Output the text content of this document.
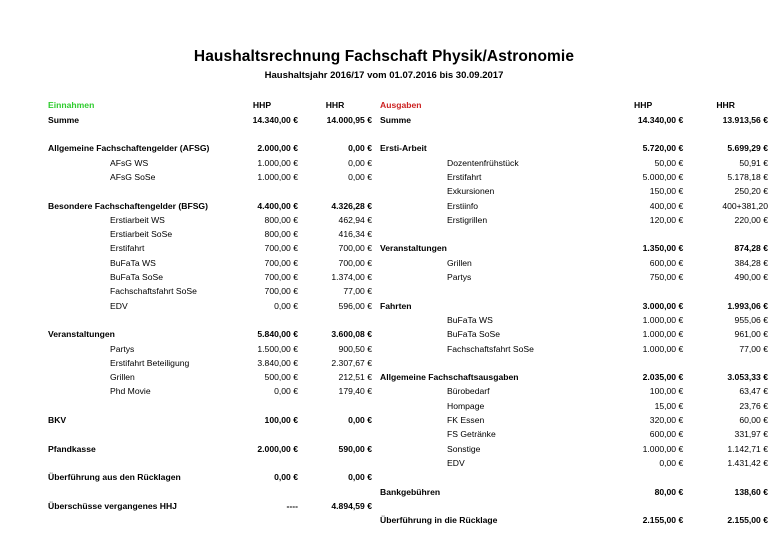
Haushaltsrechnung Fachschaft Physik/Astronomie

Haushaltsjahr 2016/17 vom 01.07.2016 bis 30.09.2017

Einnahmen	HHP	HHR
Summe	14.340,00 €	14.000,95 €

Allgemeine Fachschaftengelder (AFSG)	2.000,00 €	0,00 €
AFsG WS	1.000,00 €	0,00 €
AFsG SoSe	1.000,00 €	0,00 €

Besondere Fachschaftengelder (BFSG)	4.400,00 €	4.326,28 €
Erstiarbeit WS	800,00 €	462,94 €
Erstiarbeit SoSe	800,00 €	416,34 €
Erstifahrt	700,00 €	700,00 €
BuFaTa WS	700,00 €	700,00 €
BuFaTa SoSe	700,00 €	1.374,00 €
Fachschaftsfahrt SoSe	700,00 €	77,00 €
EDV	0,00 €	596,00 €

Veranstaltungen	5.840,00 €	3.600,08 €
Partys	1.500,00 €	900,50 €
Erstifahrt Beteiligung	3.840,00 €	2.307,67 €
Grillen	500,00 €	212,51 €
Phd Movie	0,00 €	179,40 €

BKV	100,00 €	0,00 €

Pfandkasse	2.000,00 €	590,00 €

Überführung aus den Rücklagen	0,00 €	0,00 €

Überschüsse vergangenes HHJ	----	4.894,59 €
Ausgaben	HHP	HHR
Summe	14.340,00 €	13.913,56 €

Ersti-Arbeit	5.720,00 €	5.699,29 €
Dozentenfrühstück	50,00 €	50,91 €
Erstifahrt	5.000,00 €	5.178,18 €
Exkursionen	150,00 €	250,20 €
Erstiinfo	400,00 €	400+381,20
Erstigrillen	120,00 €	220,00 €

Veranstaltungen	1.350,00 €	874,28 €
Grillen	600,00 €	384,28 €
Partys	750,00 €	490,00 €

Fahrten	3.000,00 €	1.993,06 €
BuFaTa WS	1.000,00 €	955,06 €
BuFaTa SoSe	1.000,00 €	961,00 €
Fachschaftsfahrt SoSe	1.000,00 €	77,00 €

Allgemeine Fachschaftsausgaben	2.035,00 €	3.053,33 €
Bürobedarf	100,00 €	63,47 €
Hompage	15,00 €	23,76 €
FK Essen	320,00 €	60,00 €
FS Getränke	600,00 €	331,97 €
Sonstige	1.000,00 €	1.142,71 €
EDV	0,00 €	1.431,42 €

Bankgebühren	80,00 €	138,60 €

Überführung in die Rücklage	2.155,00 €	2.155,00 €
